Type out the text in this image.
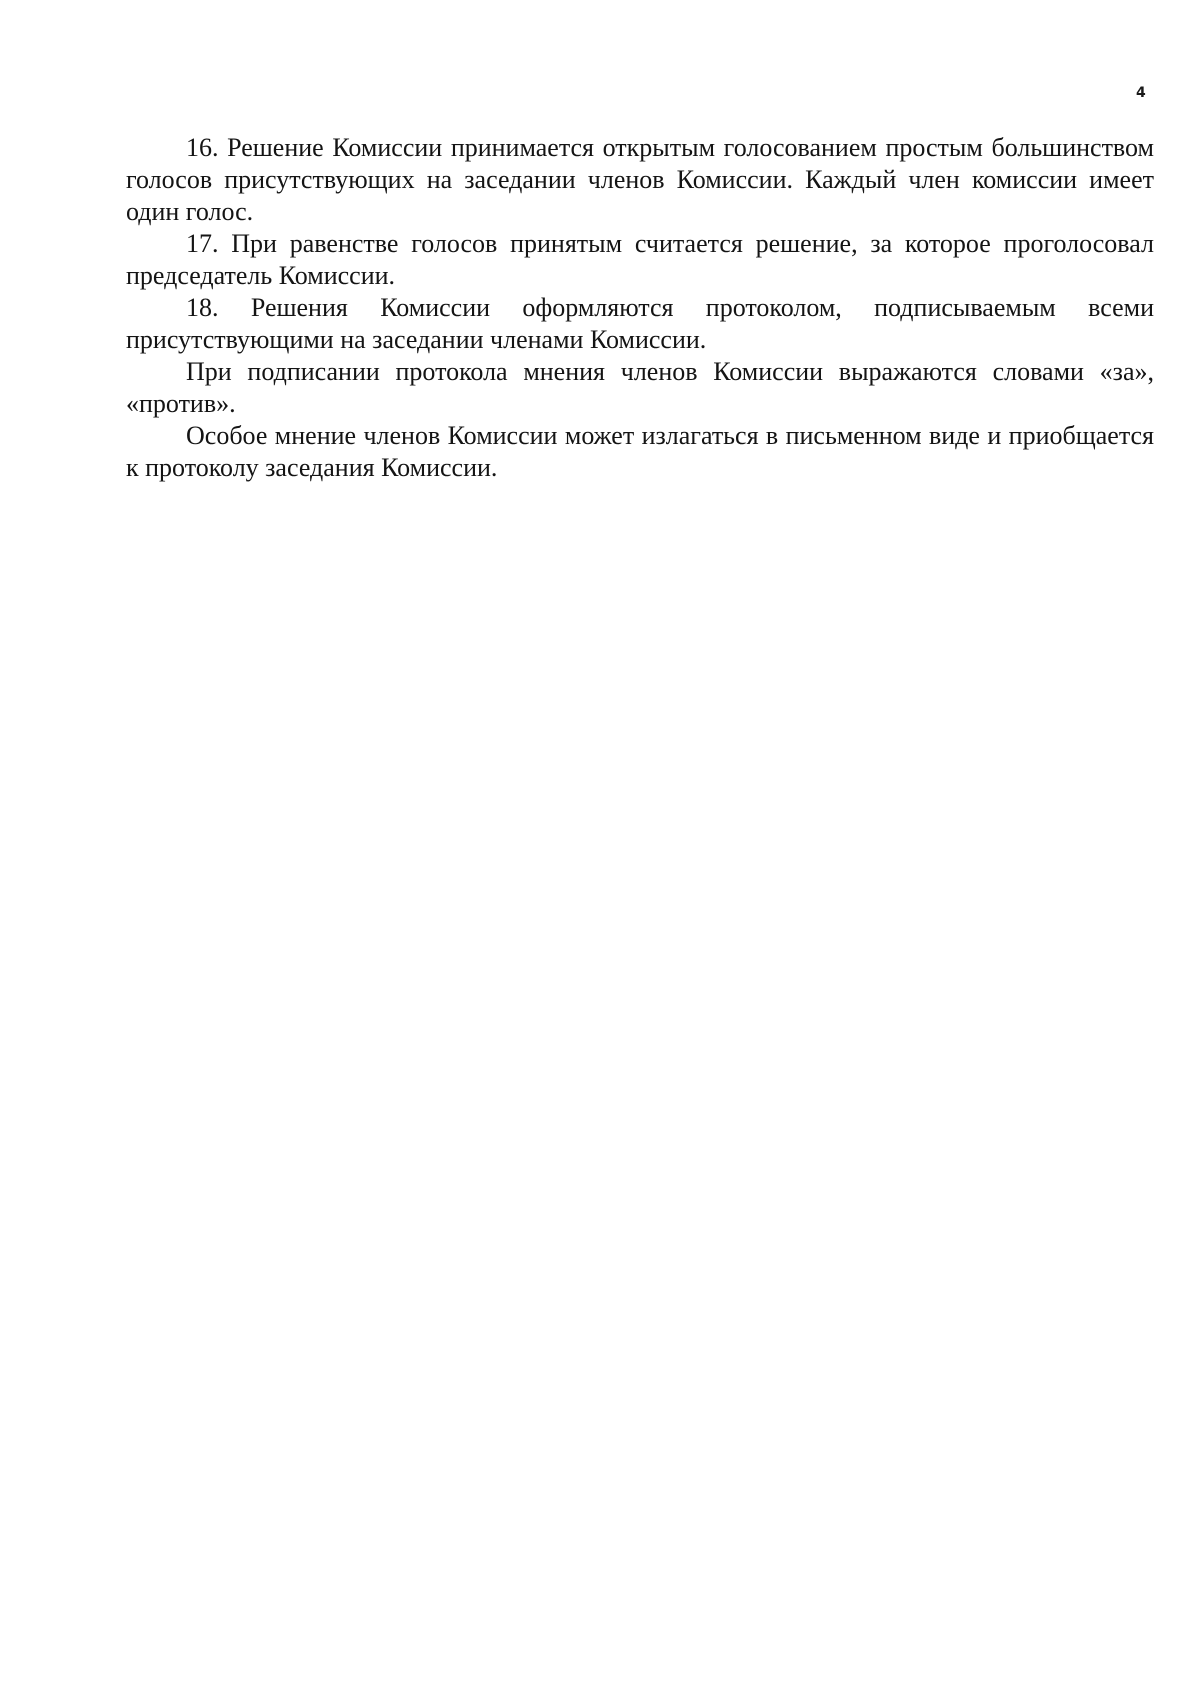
4

16. Решение Комиссии принимается открытым голосованием простым большинством голосов присутствующих на заседании членов Комиссии. Каждый член комиссии имеет один голос.

17. При равенстве голосов принятым считается решение, за которое проголосовал председатель Комиссии.

18. Решения Комиссии оформляются протоколом, подписываемым всеми присутствующими на заседании членами Комиссии.

При подписании протокола мнения членов Комиссии выражаются словами «за», «против».

Особое мнение членов Комиссии может излагаться в письменном виде и приобщается к протоколу заседания Комиссии.
